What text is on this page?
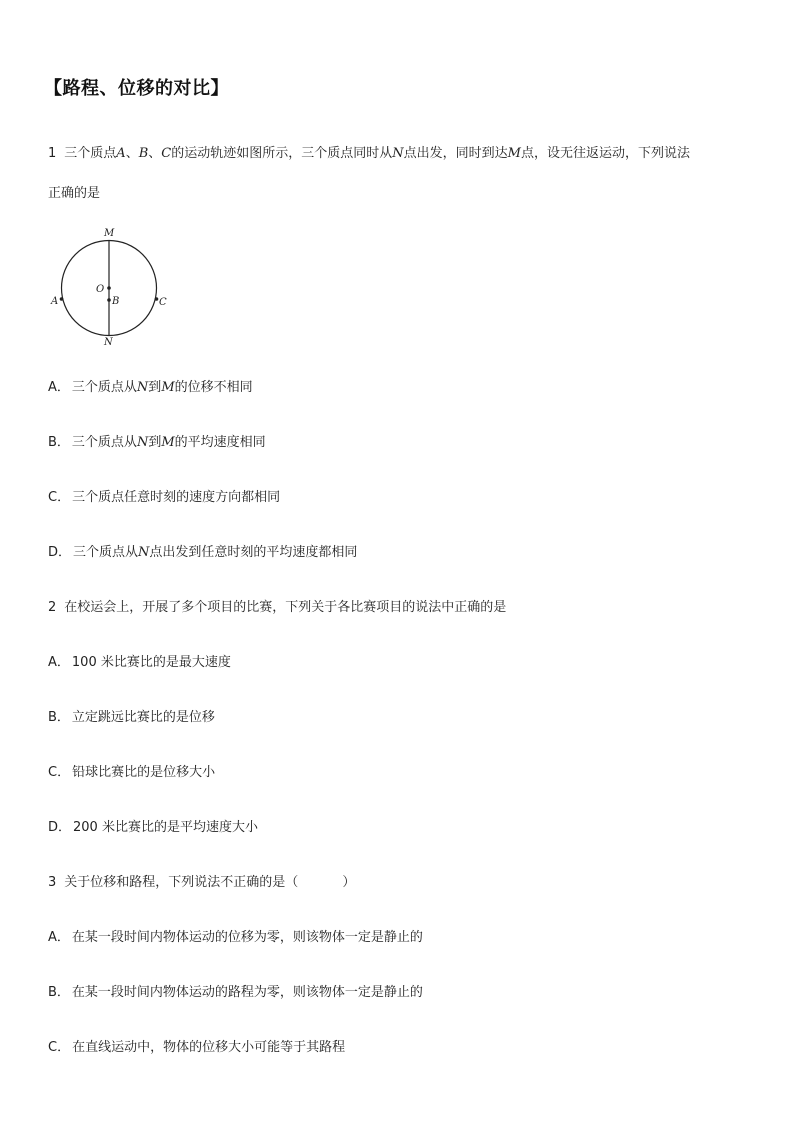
【路程、位移的对比】
1 三个质点A、B、C的运动轨迹如图所示，三个质点同时从N点出发，同时到达M点，设无往返运动，下列说法
正确的是
M
N
O
B
A	C
A． 三个质点从N到M的位移不相同
B． 三个质点从N到M的平均速度相同
C． 三个质点任意时刻的速度方向都相同
D． 三个质点从N点出发到任意时刻的平均速度都相同
2 在校运会上，开展了多个项目的比赛，下列关于各比赛项目的说法中正确的是
A． 100 米比赛比的是最大速度
B． 立定跳远比赛比的是位移
C． 铅球比赛比的是位移大小
D． 200 米比赛比的是平均速度大小
3 关于位移和路程，下列说法不正确的是（	）
A． 在某一段时间内物体运动的位移为零，则该物体一定是静止的
B． 在某一段时间内物体运动的路程为零，则该物体一定是静止的
C． 在直线运动中，物体的位移大小可能等于其路程
